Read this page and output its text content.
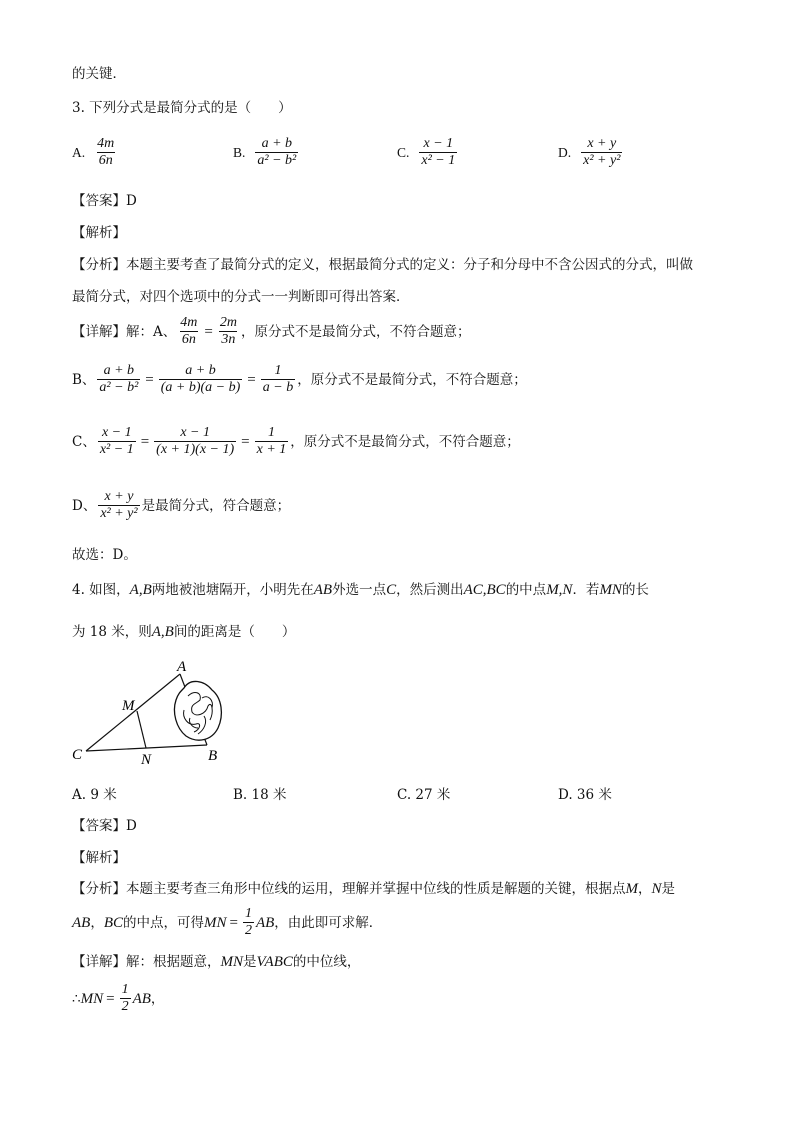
的关键．
3. 下列分式是最简分式的是（　　）
A. $\frac{4m}{6n}$	B. $\frac{a + b}{\text{a² − b²}}$	C. $\frac{x - 1}{\text{x² − 1}}$	D. $\frac{x + y}{\text{x² + y²}}$
【答案】D
【解析】
【分析】本题主要考查了最简分式的定义，根据最简分式的定义：分子和分母中不含公因式的分式，叫做
最简分式，对四个选项中的分式一一判断即可得出答案．
【详解】解：A、 $\frac{4m}{6n} = \frac{2m}{3n}$ ，原分式不是最简分式，不符合题意；
B、 $\frac{a + b}{\text{a² − b²}} = \frac{a + b}{(a + b)(a - b)} = \frac{1}{a - b}$ ，原分式不是最简分式，不符合题意；
C、 $\frac{x - 1}{\text{x² − 1}} = \frac{x - 1}{(x + 1)(x - 1)} = \frac{1}{x + 1}$ ，原分式不是最简分式，不符合题意；
D、 $\frac{x + y}{\text{x² + y²}}$ 是最简分式，符合题意；
故选：D。
4. 如图，A,B两地被池塘隔开，小明先在AB外选一点C，然后测出AC,BC的中点M,N．若MN的长
为 18 米，则A,B间的距离是（　　）
A
M
C	N	B
A. 9 米	B. 18 米	C. 27 米	D. 36 米
【答案】D
【解析】
【分析】本题主要考查三角形中位线的运用，理解并掌握中位线的性质是解题的关键，根据点M，N是
AB ， BC 的中点，可得 MN = $\frac{1}{2}$ AB ，由此即可求解．
【详解】解：根据题意，MN是VABC的中位线，
∴ MN = $\frac{1}{2}$ AB ，
